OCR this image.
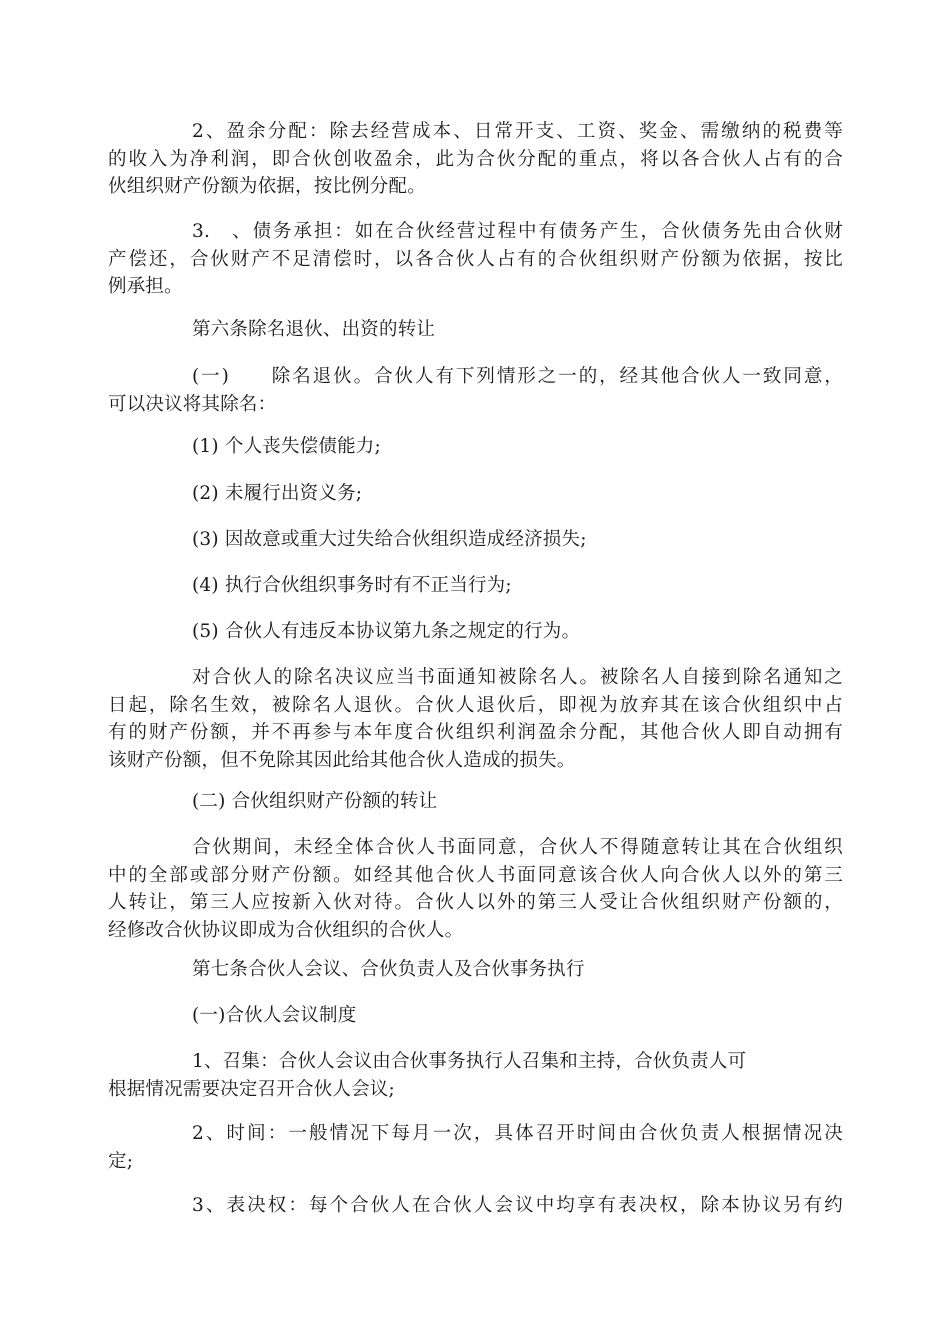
2、盈余分配：除去经营成本、日常开支、工资、奖金、需缴纳的税费等
的收入为净利润，即合伙创收盈余，此为合伙分配的重点，将以各合伙人占有的合
伙组织财产份额为依据，按比例分配。
3.　、债务承担：如在合伙经营过程中有债务产生，合伙债务先由合伙财
产偿还，合伙财产不足清偿时，以各合伙人占有的合伙组织财产份额为依据，按比
例承担。
第六条除名退伙、出资的转让
(一)　　除名退伙。合伙人有下列情形之一的，经其他合伙人一致同意，
可以决议将其除名：
(1) 个人丧失偿债能力;
(2) 未履行出资义务;
(3) 因故意或重大过失给合伙组织造成经济损失;
(4) 执行合伙组织事务时有不正当行为;
(5) 合伙人有违反本协议第九条之规定的行为。
对合伙人的除名决议应当书面通知被除名人。被除名人自接到除名通知之
日起，除名生效，被除名人退伙。合伙人退伙后，即视为放弃其在该合伙组织中占
有的财产份额，并不再参与本年度合伙组织利润盈余分配，其他合伙人即自动拥有
该财产份额，但不免除其因此给其他合伙人造成的损失。
(二) 合伙组织财产份额的转让
合伙期间，未经全体合伙人书面同意，合伙人不得随意转让其在合伙组织
中的全部或部分财产份额。如经其他合伙人书面同意该合伙人向合伙人以外的第三
人转让，第三人应按新入伙对待。合伙人以外的第三人受让合伙组织财产份额的，
经修改合伙协议即成为合伙组织的合伙人。
第七条合伙人会议、合伙负责人及合伙事务执行
(一)合伙人会议制度
1、召集：合伙人会议由合伙事务执行人召集和主持，合伙负责人可
根据情况需要决定召开合伙人会议;
2、时间：一般情况下每月一次，具体召开时间由合伙负责人根据情况决
定;
3、表决权：每个合伙人在合伙人会议中均享有表决权，除本协议另有约
